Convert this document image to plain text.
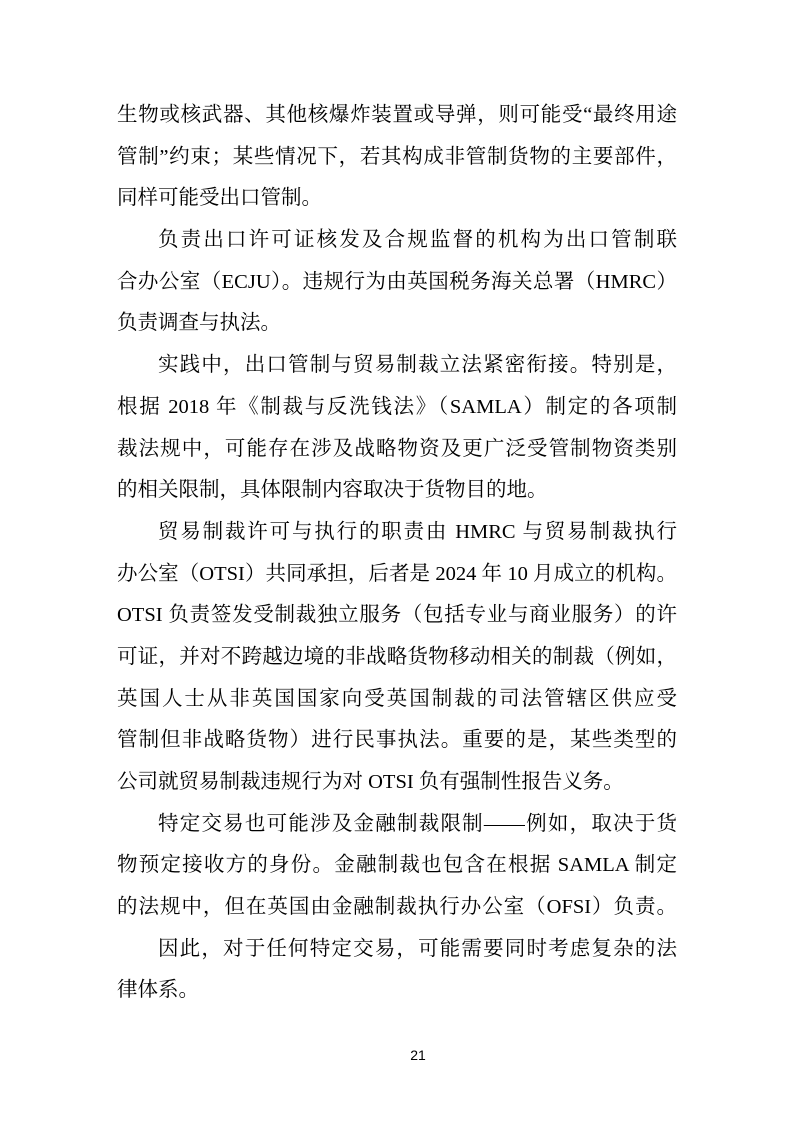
生物或核武器、其他核爆炸装置或导弹，则可能受“最终用途
管制”约束；某些情况下，若其构成非管制货物的主要部件，
同样可能受出口管制。
负责出口许可证核发及合规监督的机构为出口管制联
合办公室（ECJU）。违规行为由英国税务海关总署（HMRC）
负责调查与执法。
实践中，出口管制与贸易制裁立法紧密衔接。特别是，
根据 2018 年《制裁与反洗钱法》（SAMLA）制定的各项制
裁法规中，可能存在涉及战略物资及更广泛受管制物资类别
的相关限制，具体限制内容取决于货物目的地。
贸易制裁许可与执行的职责由 HMRC 与贸易制裁执行
办公室（OTSI）共同承担，后者是 2024 年 10 月成立的机构。
OTSI 负责签发受制裁独立服务（包括专业与商业服务）的许
可证，并对不跨越边境的非战略货物移动相关的制裁（例如，
英国人士从非英国国家向受英国制裁的司法管辖区供应受
管制但非战略货物）进行民事执法。重要的是，某些类型的
公司就贸易制裁违规行为对 OTSI 负有强制性报告义务。
特定交易也可能涉及金融制裁限制——例如，取决于货
物预定接收方的身份。金融制裁也包含在根据 SAMLA 制定
的法规中，但在英国由金融制裁执行办公室（OFSI）负责。
因此，对于任何特定交易，可能需要同时考虑复杂的法
律体系。
21
